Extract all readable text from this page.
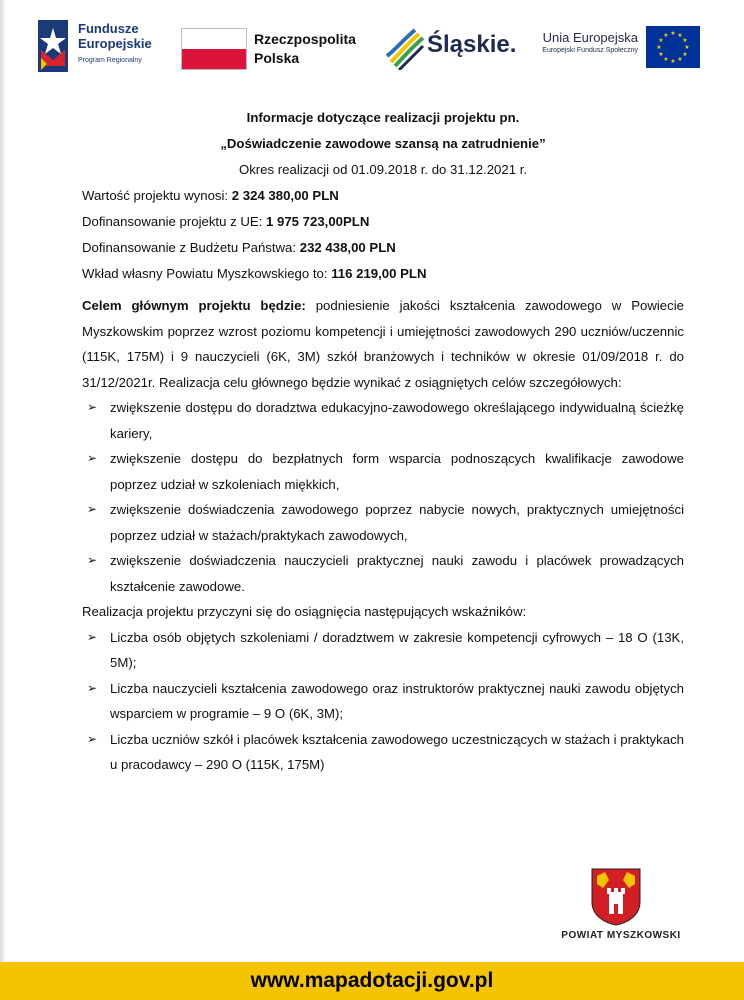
Fundusze
Europejskie
Program Regionalny
Rzeczpospolita
Polska	Śląskie.	Unia Europejska
Europejski Fundusz Społeczny
★ ★
★
★
★
★
★
★
★
★
★
★

Informacje dotyczące realizacji projektu pn.

„Doświadczenie zawodowe szansą na zatrudnienie”

Okres realizacji od 01.09.2018 r. do 31.12.2021 r.

Wartość projektu wynosi: 2 324 380,00 PLN

Dofinansowanie projektu z UE: 1 975 723,00PLN

Dofinansowanie z Budżetu Państwa: 232 438,00 PLN

Wkład własny Powiatu Myszkowskiego to: 116 219,00 PLN

Celem głównym projektu będzie: podniesienie jakości kształcenia zawodowego w Powiecie Myszkowskim poprzez wzrost poziomu kompetencji i umiejętności zawodowych 290 uczniów/uczennic (115K, 175M) i 9 nauczycieli (6K, 3M) szkół branżowych i techników w okresie 01/09/2018 r. do 31/12/2021r. Realizacja celu głównego będzie wynikać z osiągniętych celów szczegółowych:

➢ zwiększenie dostępu do doradztwa edukacyjno-zawodowego określającego indywidualną ścieżkę kariery,
➢ zwiększenie dostępu do bezpłatnych form wsparcia podnoszących kwalifikacje zawodowe poprzez udział w szkoleniach miękkich,
➢ zwiększenie doświadczenia zawodowego poprzez nabycie nowych, praktycznych umiejętności poprzez udział w stażach/praktykach zawodowych,
➢ zwiększenie doświadczenia nauczycieli praktycznej nauki zawodu i placówek prowadzących kształcenie zawodowe.

Realizacja projektu przyczyni się do osiągnięcia następujących wskaźników:

➢ Liczba osób objętych szkoleniami / doradztwem w zakresie kompetencji cyfrowych – 18 O (13K, 5M);
➢ Liczba nauczycieli kształcenia zawodowego oraz instruktorów praktycznej nauki zawodu objętych wsparciem w programie – 9 O (6K, 3M);
➢ Liczba uczniów szkół i placówek kształcenia zawodowego uczestniczących w stażach i praktykach u pracodawcy – 290 O (115K, 175M)
POWIAT MYSZKOWSKI
www.mapadotacji.gov.pl
